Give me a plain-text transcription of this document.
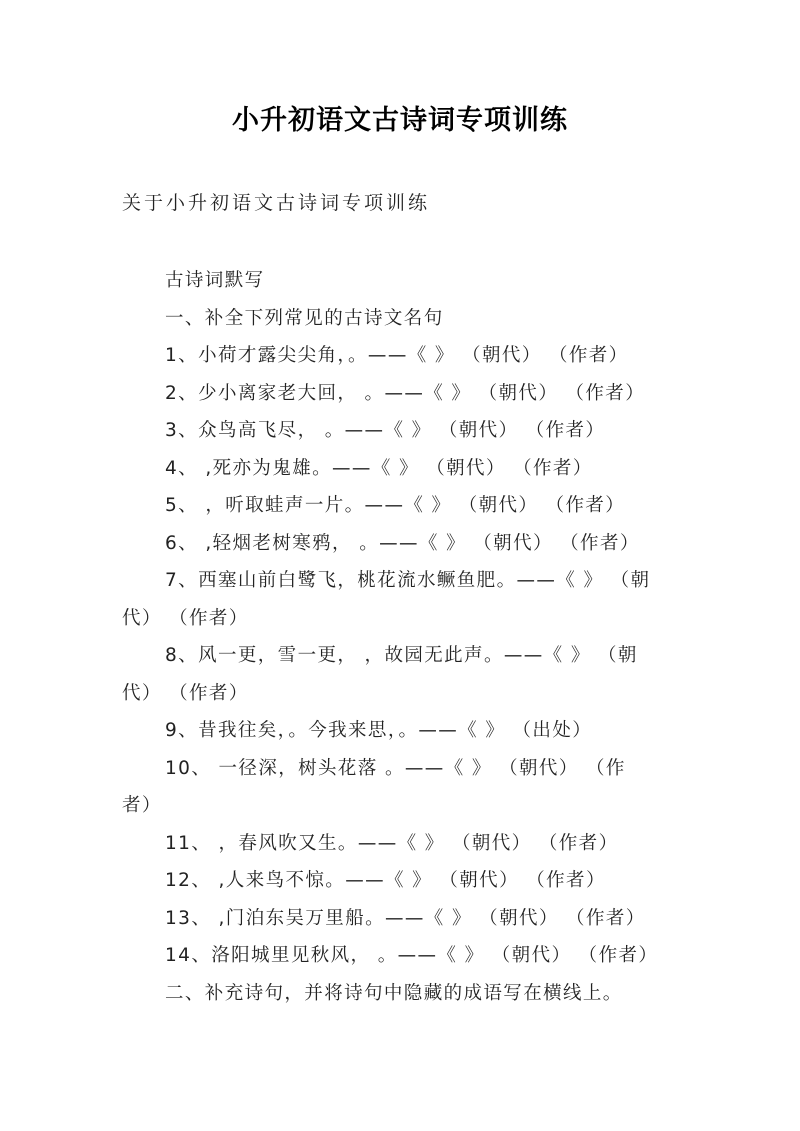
小升初语文古诗词专项训练
关于小升初语文古诗词专项训练
古诗词默写
一、补全下列常见的古诗文名句
1、小荷才露尖尖角，。——《 》 （朝代） （作者）
2、少小离家老大回， 。——《 》 （朝代） （作者）
3、众鸟高飞尽， 。——《 》 （朝代） （作者）
4、 ,死亦为鬼雄。——《 》 （朝代） （作者）
5、 ，听取蛙声一片。——《 》 （朝代） （作者）
6、 ,轻烟老树寒鸦， 。——《 》 （朝代） （作者）
7、西塞山前白鹭飞，桃花流水鳜鱼肥。——《 》 （朝
代） （作者）
8、风一更，雪一更， ，故园无此声。——《 》 （朝
代） （作者）
9、昔我往矣，。今我来思，。——《 》 （出处）
10、 一径深，树头花落 。——《 》 （朝代） （作
者）
11、 ，春风吹又生。——《 》 （朝代） （作者）
12、 ,人来鸟不惊。——《 》 （朝代） （作者）
13、 ,门泊东吴万里船。——《 》 （朝代） （作者）
14、洛阳城里见秋风， 。——《 》 （朝代） （作者）
二、补充诗句，并将诗句中隐藏的成语写在横线上。
